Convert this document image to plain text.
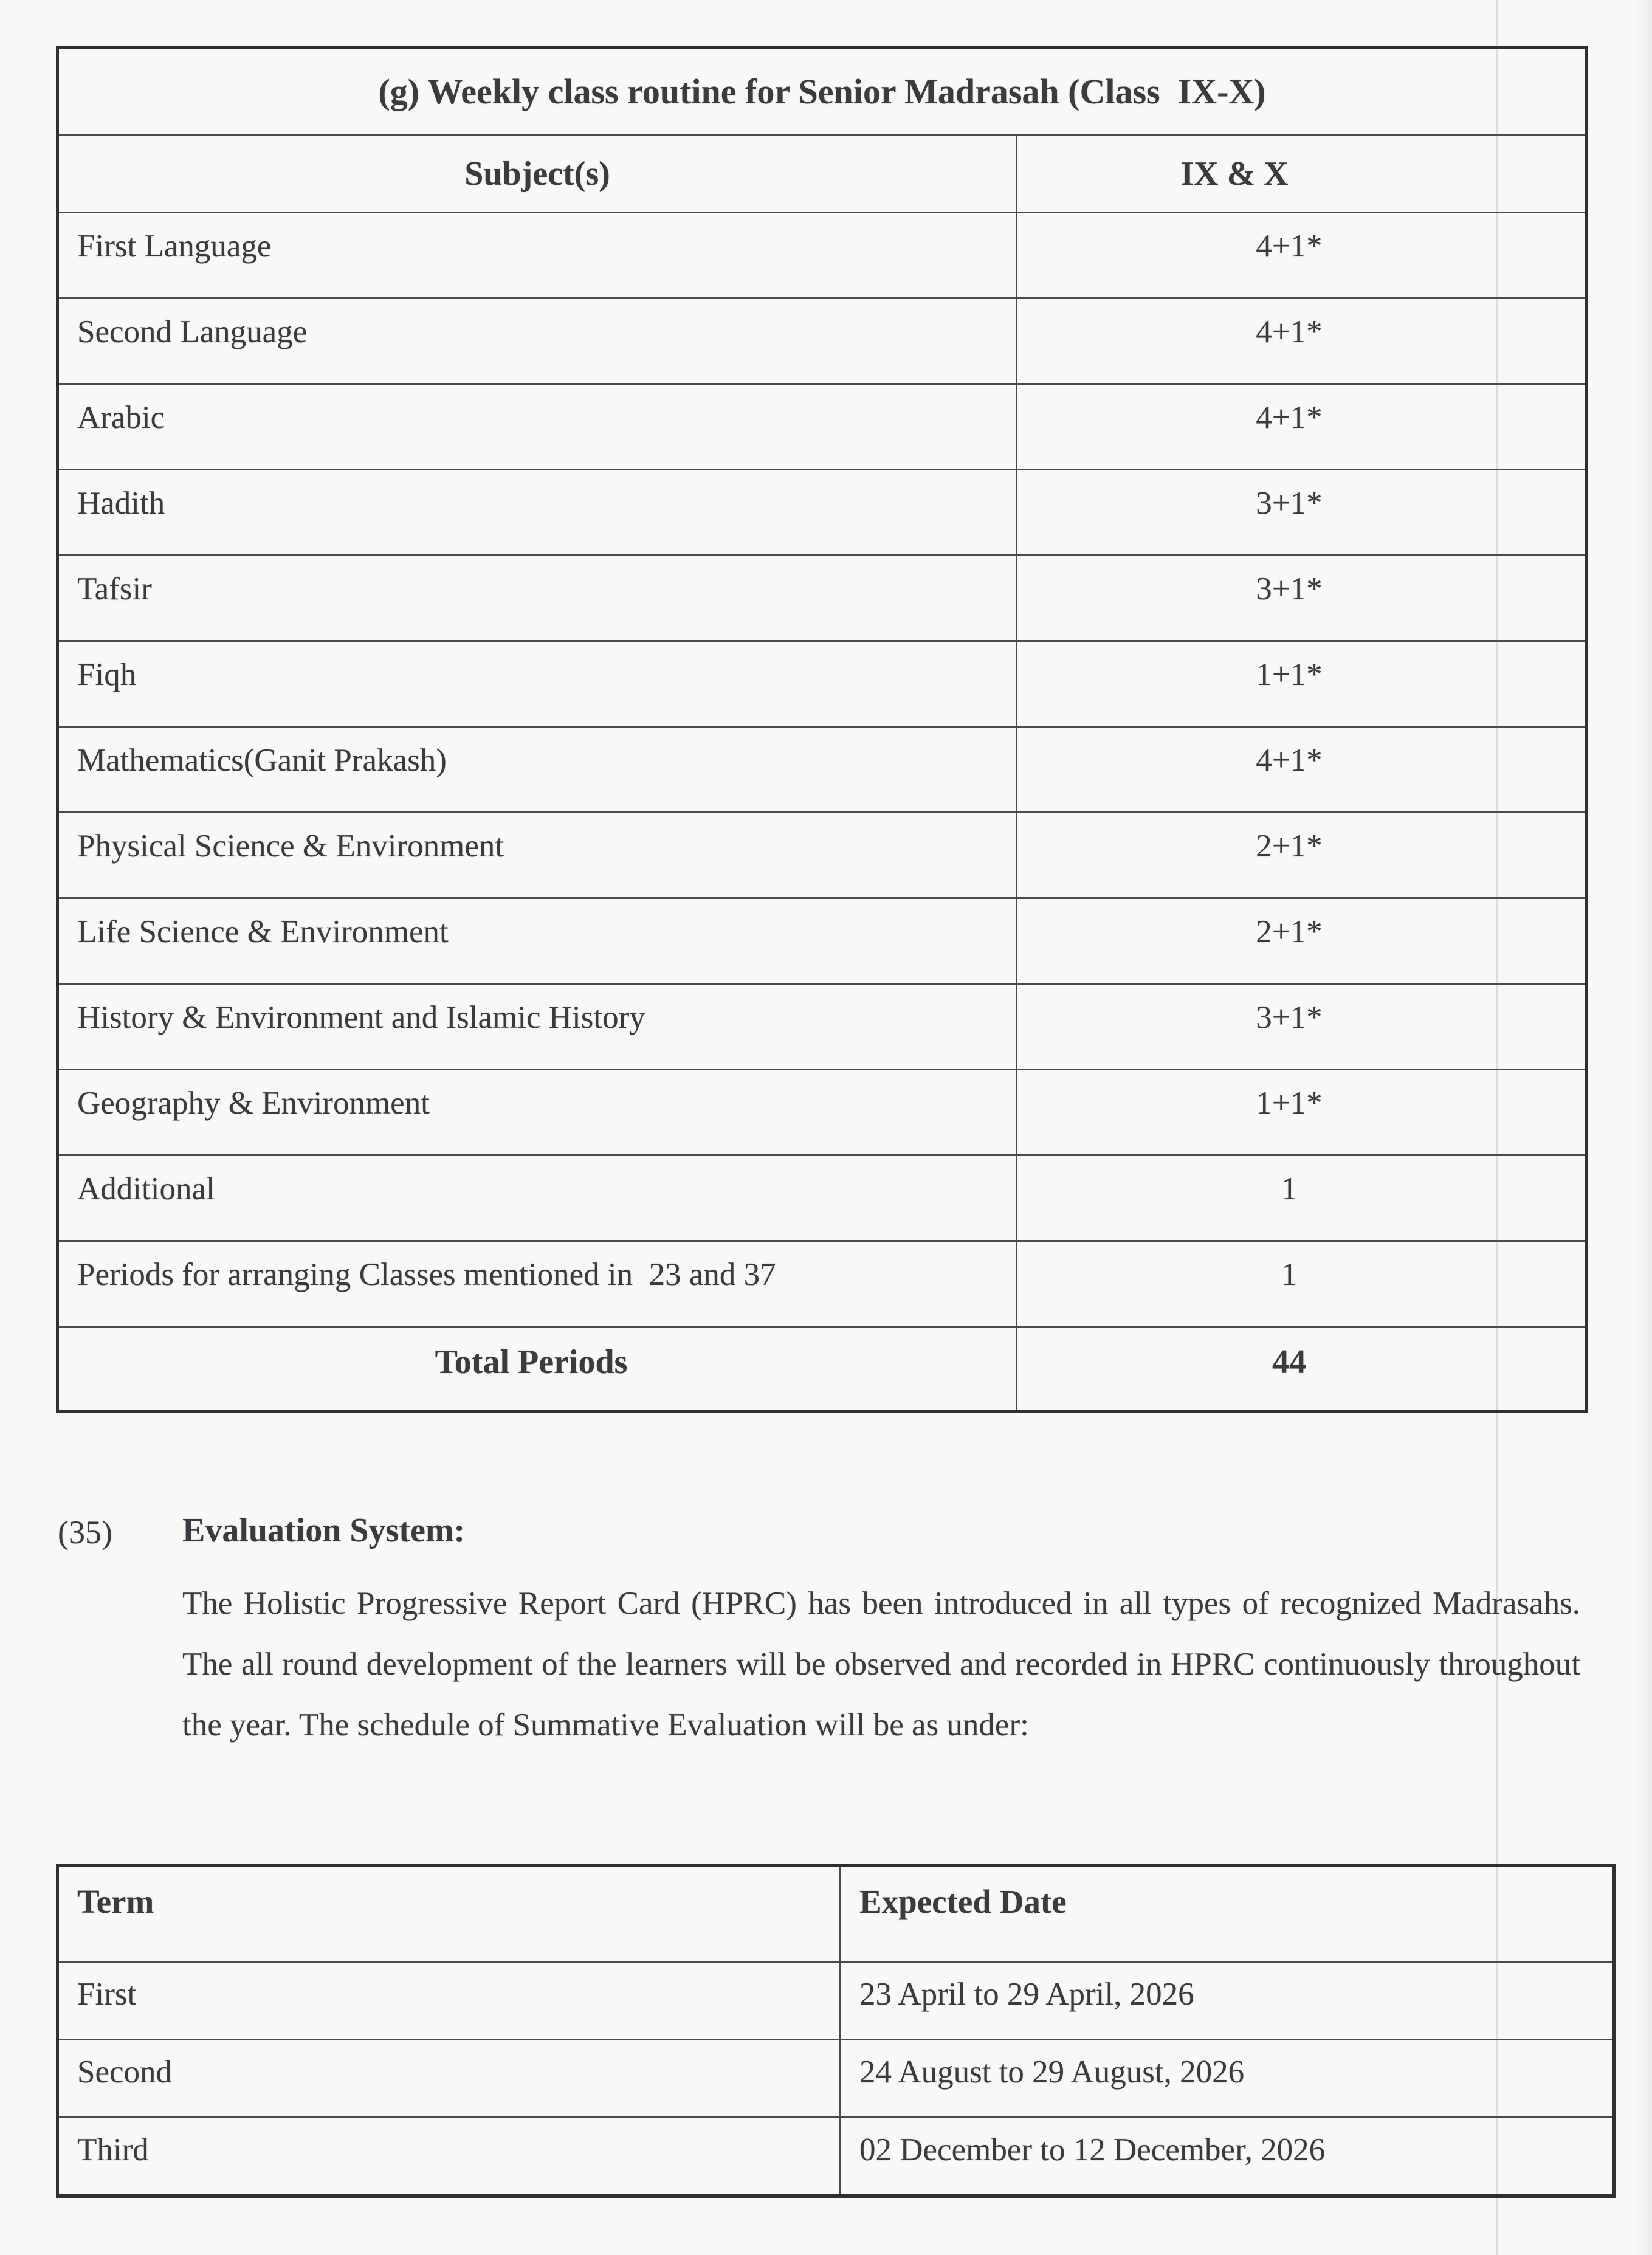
(g) Weekly class routine for Senior Madrasah (Class  IX-X)
Subject(s)	IX & X
First Language	4+1*
Second Language	4+1*
Arabic	4+1*
Hadith	3+1*
Tafsir	3+1*
Fiqh	1+1*
Mathematics(Ganit Prakash)	4+1*
Physical Science & Environment	2+1*
Life Science & Environment	2+1*
History & Environment and Islamic History	3+1*
Geography & Environment	1+1*
Additional	1
Periods for arranging Classes mentioned in  23 and 37	1
Total Periods	44
(35) Evaluation System:

The Holistic Progressive Report Card (HPRC) has been introduced in all types of recognized Madrasahs. The all round development of the learners will be observed and recorded in HPRC continuously throughout the year. The schedule of Summative Evaluation will be as under:

Term	Expected Date
First	23 April to 29 April, 2026
Second	24 August to 29 August, 2026
Third	02 December to 12 December, 2026
